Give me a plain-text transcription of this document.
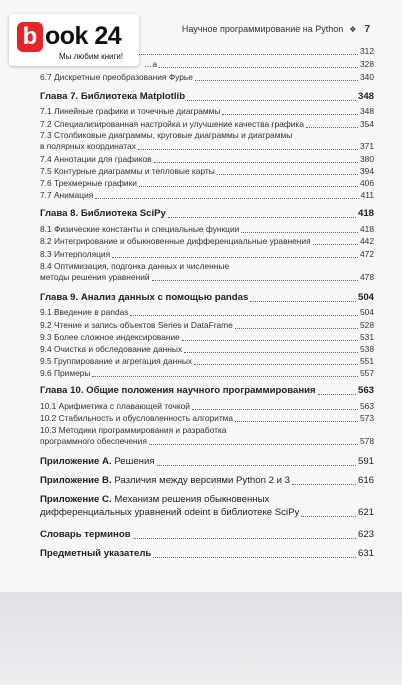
Научное программирование на Python ❖ 7
312
…а	328
6.7 Дискретные преобразования Фурье	340
Глава 7. Библиотека Matplotlib	348
7.1 Линейные графики и точечные диаграммы	348
7.2 Специализированная настройка и улучшение качества графика	354
7.3 Столбиковые диаграммы, круговые диаграммы и диаграммы
в полярных координатах	371
7.4 Аннотации для графиков	380
7.5 Контурные диаграммы и тепловые карты	394
7.6 Трехмерные графики	406
7.7 Анимация	411
Глава 8. Библиотека SciPy	418
8.1 Физические константы и специальные функции	418
8.2 Интегрирование и обыкновенные дифференциальные уравнения	442
8.3 Интерполяция	472
8.4 Оптимизация, подгонка данных и численные
методы решения уравнений	478
Глава 9. Анализ данных с помощью pandas	504
9.1 Введение в pandas	504
9.2 Чтение и запись объектов Series и DataFrame	528
9.3 Более сложное индексирование	531
9.4 Очистка и обследование данных	538
9.5 Группирование и агрегация данных	551
9.6 Примеры	557
Глава 10. Общие положения научного программирования	563
10.1 Арифметика с плавающей точкой	563
10.2 Стабильность и обусловленность алгоритма	573
10.3 Методики программирования и разработка
программного обеспечения	578
Приложение A. Решения	591
Приложение B. Различия между версиями Python 2 и 3	616
Приложение C. Механизм решения обыкновенных
дифференциальных уравнений odeint в библиотеке SciPy	621
Словарь терминов	623
Предметный указатель	631
b ook 24
Мы любим книги!
